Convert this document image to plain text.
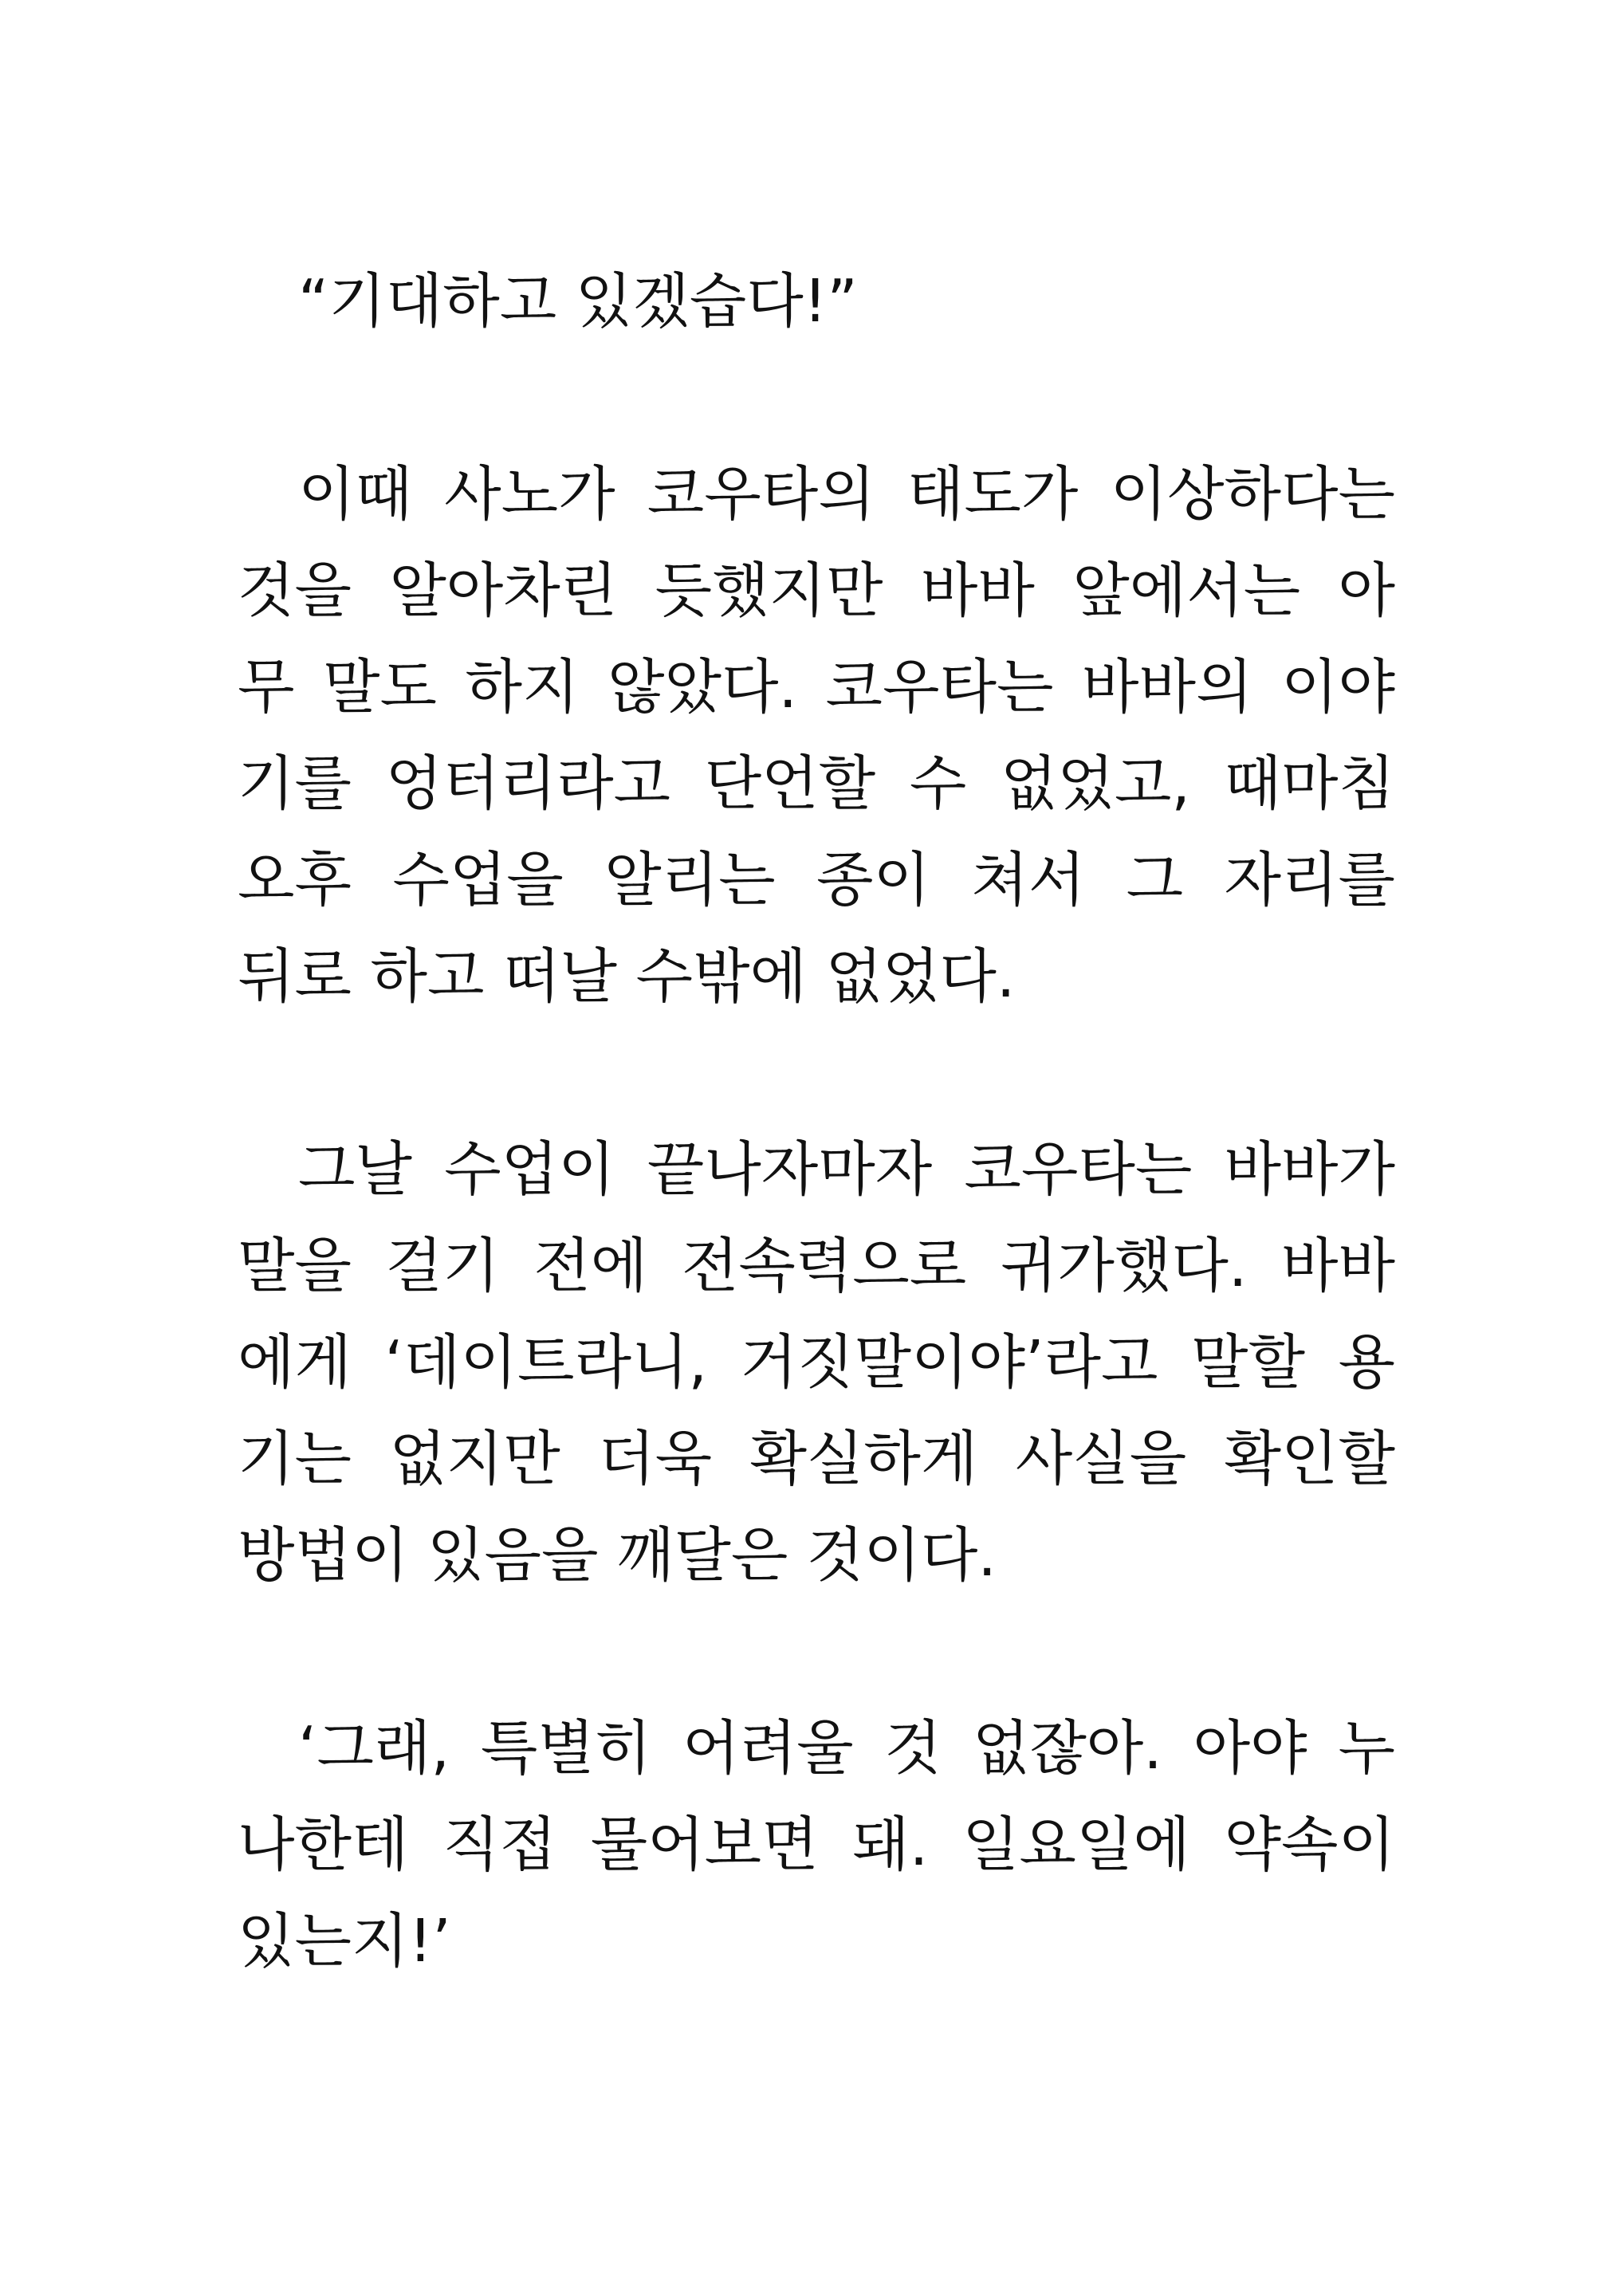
“기대하고 있겠습다!”
이때 사노가 코우타의 태도가 이상하다는
것을 알아차린 듯했지만 바바 앞에서는 아
무 말도 하지 않았다. 코우타는 바바의 이야
기를 엉터리라고 단언할 수 없었고, 때마침
오후 수업을 알리는 종이 쳐서 그 자리를
뒤로 하고 떠날 수밖에 없었다.
그날 수업이 끝나자마자 코우타는 바바가
말을 걸기 전에 전속력으로 귀가했다. 바바
에게 ‘데이트라니, 거짓말이야’라고 말할 용
기는 없지만 더욱 확실하게 사실을 확인할
방법이 있음을 깨달은 것이다.
‘그래, 특별히 어려울 것 없잖아. 아야 누
나한테 직접 물어보면 돼. 일요일에 약속이
있는지!’
